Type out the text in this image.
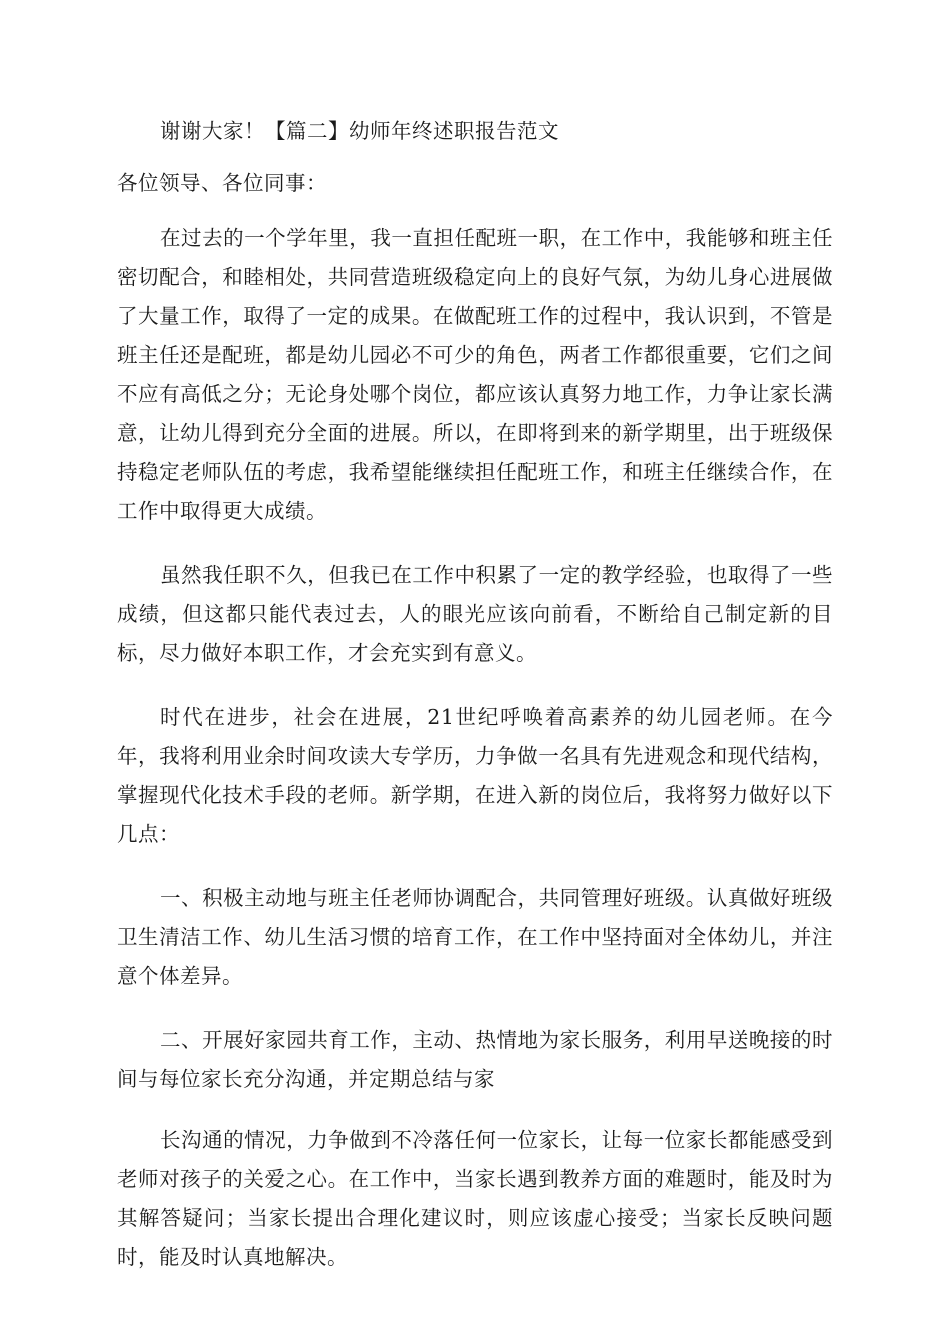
谢谢大家！【篇二】幼师年终述职报告范文

各位领导、各位同事：

在过去的一个学年里，我一直担任配班一职，在工作中，我能够和班主任密切配合，和睦相处，共同营造班级稳定向上的良好气氛，为幼儿身心进展做了大量工作，取得了一定的成果。在做配班工作的过程中，我认识到，不管是班主任还是配班，都是幼儿园必不可少的角色，两者工作都很重要，它们之间不应有高低之分；无论身处哪个岗位，都应该认真努力地工作，力争让家长满意，让幼儿得到充分全面的进展。所以，在即将到来的新学期里，出于班级保持稳定老师队伍的考虑，我希望能继续担任配班工作，和班主任继续合作，在工作中取得更大成绩。

虽然我任职不久，但我已在工作中积累了一定的教学经验，也取得了一些成绩，但这都只能代表过去，人的眼光应该向前看，不断给自己制定新的目标，尽力做好本职工作，才会充实到有意义。

时代在进步，社会在进展，21世纪呼唤着高素养的幼儿园老师。在今年，我将利用业余时间攻读大专学历，力争做一名具有先进观念和现代结构，掌握现代化技术手段的老师。新学期，在进入新的岗位后，我将努力做好以下几点：

一、积极主动地与班主任老师协调配合，共同管理好班级。认真做好班级卫生清洁工作、幼儿生活习惯的培育工作，在工作中坚持面对全体幼儿，并注意个体差异。

二、开展好家园共育工作，主动、热情地为家长服务，利用早送晚接的时间与每位家长充分沟通，并定期总结与家

长沟通的情况，力争做到不冷落任何一位家长，让每一位家长都能感受到老师对孩子的关爱之心。在工作中，当家长遇到教养方面的难题时，能及时为其解答疑问；当家长提出合理化建议时，则应该虚心接受；当家长反映问题时，能及时认真地解决。
